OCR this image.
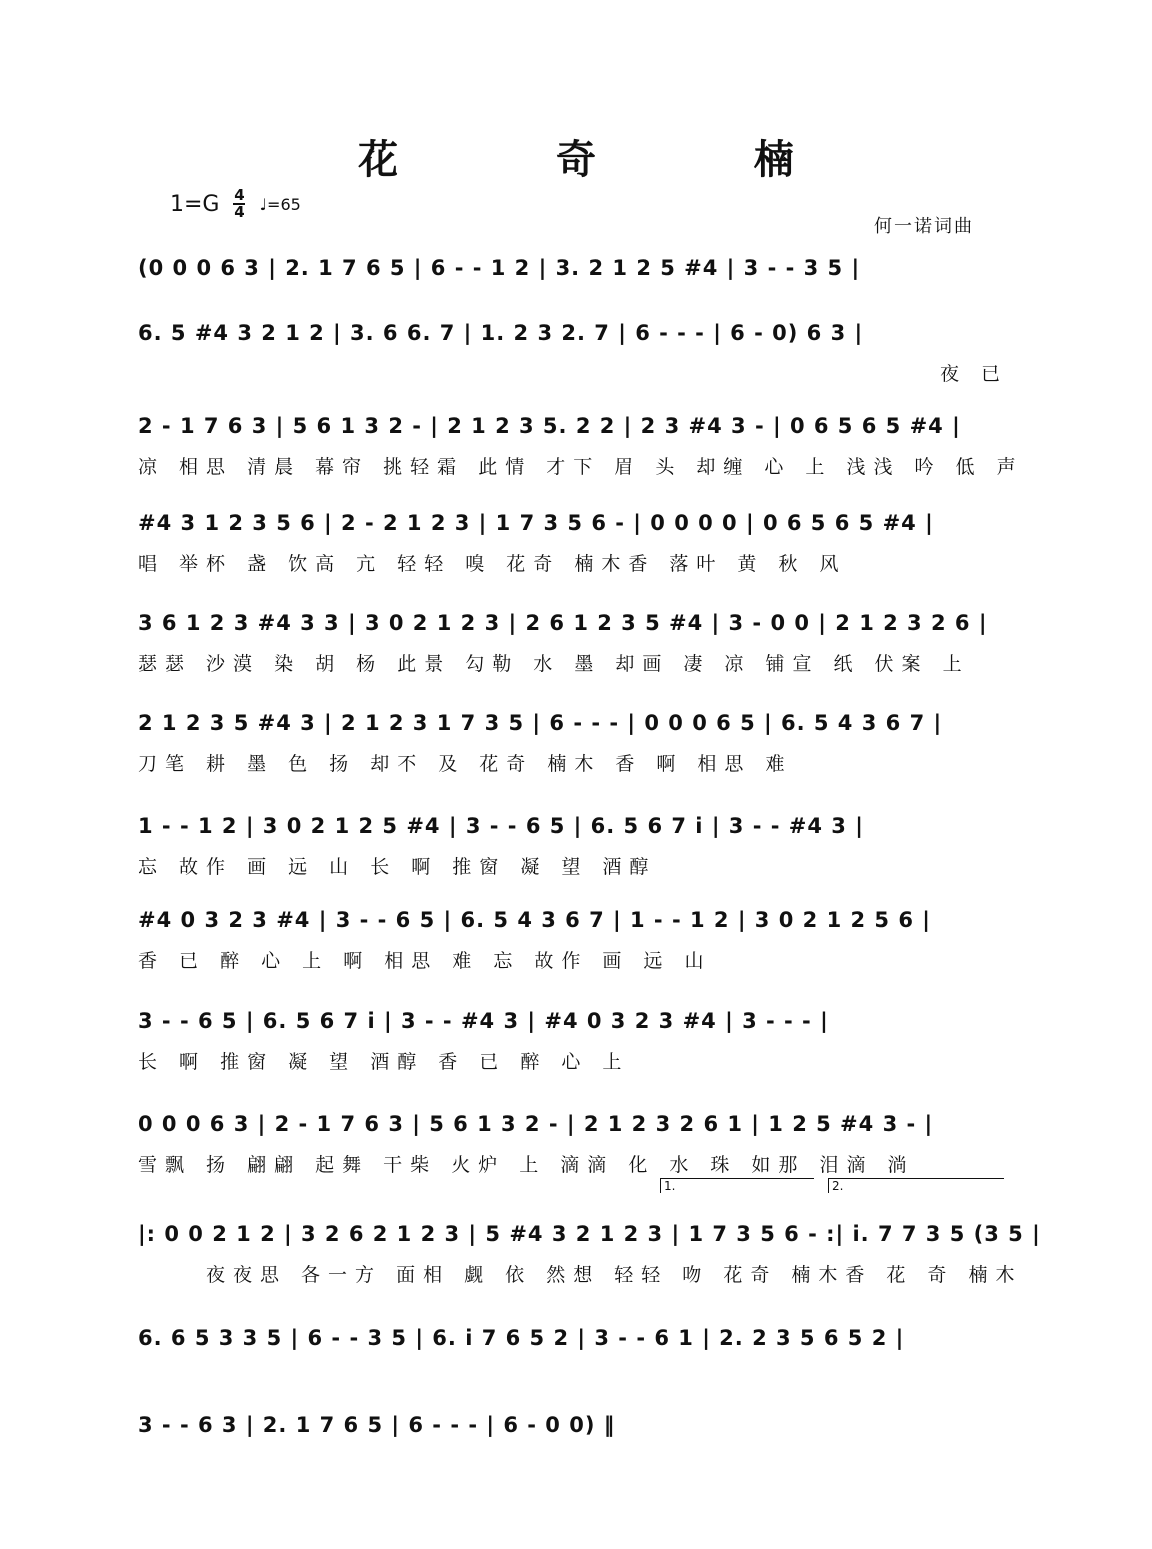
花 奇 楠
$1=G \frac{4}{4}$ ♩=65
何一诺词曲
(0 0 0 6 3 | 2. 1 7 6 5 | 6 - - 1 2 | 3. 2 1 2 5 #4 | 3 - - 3 5 |
6. 5 #4 3 2 1 2 | 3. 6 6. 7 | 1. 2 3 2. 7 | 6 - - - | 6 - 0) 6 3 |
夜 已
2 - 1 7 6 3 | 5 6 1 3 2 - | 2 1 2 3 5. 2 2 | 2 3 #4 3 - | 0 6 5 6 5 #4 |
凉 相思 清晨 幕帘 挑轻霜 此情 才下 眉 头 却缠 心 上 浅浅 吟 低 声
#4 3 1 2 3 5 6 | 2 - 2 1 2 3 | 1 7 3 5 6 - | 0 0 0 0 | 0 6 5 6 5 #4 |
唱 举杯 盏 饮高 亢 轻轻 嗅 花奇 楠木香 落叶 黄 秋 风
3 6 1 2 3 #4 3 3 | 3 0 2 1 2 3 | 2 6 1 2 3 5 #4 | 3 - 0 0 | 2 1 2 3 2 6 |
瑟瑟 沙漠 染 胡 杨 此景 勾勒 水 墨 却画 凄 凉 铺宣 纸 伏案 上
2 1 2 3 5 #4 3 | 2 1 2 3 1 7 3 5 | 6 - - - | 0 0 0 6 5 | 6. 5 4 3 6 7 |
刀笔 耕 墨 色 扬 却不 及 花奇 楠木 香 啊 相思 难
1 - - 1 2 | 3 0 2 1 2 5 #4 | 3 - - 6 5 | 6. 5 6 7 i | 3 - - #4 3 |
忘 故作 画 远 山 长 啊 推窗 凝 望 酒醇
#4 0 3 2 3 #4 | 3 - - 6 5 | 6. 5 4 3 6 7 | 1 - - 1 2 | 3 0 2 1 2 5 6 |
香 已 醉 心 上 啊 相思 难 忘 故作 画 远 山
3 - - 6 5 | 6. 5 6 7 i | 3 - - #4 3 | #4 0 3 2 3 #4 | 3 - - - |
长 啊 推窗 凝 望 酒醇 香 已 醉 心 上
0 0 0 6 3 | 2 - 1 7 6 3 | 5 6 1 3 2 - | 2 1 2 3 2 6 1 | 1 2 5 #4 3 - |
雪飘 扬 翩翩 起舞 干柴 火炉 上 滴滴 化 水 珠 如那 泪滴 淌
1.	2.
|: 0 0 2 1 2 | 3 2 6 2 1 2 3 | 5 #4 3 2 1 2 3 | 1 7 3 5 6 - :| i. 7 7 3 5 (3 5 |
夜夜思 各一方 面相 觑 依 然想 轻轻 吻 花奇 楠木香 花 奇 楠木
6. 6 5 3 3 5 | 6 - - 3 5 | 6. i 7 6 5 2 | 3 - - 6 1 | 2. 2 3 5 6 5 2 |
3 - - 6 3 | 2. 1 7 6 5 | 6 - - - | 6 - 0 0) ‖
